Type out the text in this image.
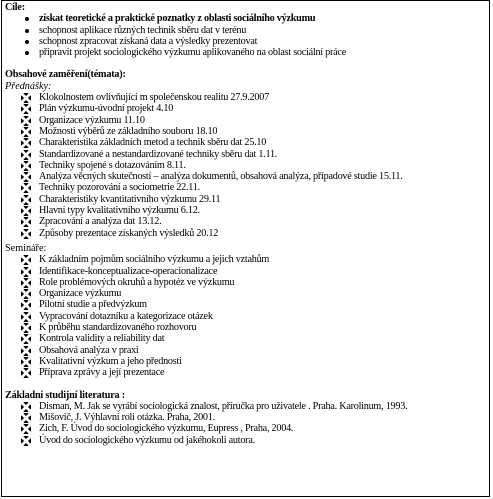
Cíle:
získat teoretické a praktické poznatky z oblasti sociálního výzkumu
schopnost aplikace různých technik sběru dat v terénu
schopnost zpracovat získaná data a výsledky prezentovat
připravit projekt sociologického výzkumu aplikovaného na oblast sociální práce
Obsahové zaměření(témata):
Přednášky:
Klokolnostem ovlivňující m společenskou realitu 27.9.2007
Plán výzkumu-úvodní projekt 4.10
Organizace výzkumu 11.10
Možnosti výběrů ze základního souboru 18.10
Charakteristika základních metod a technik sběru dat 25.10
Standardizované a nestandardizované techniky sběru dat 1.11.
Techniky spojené s dotazováním 8.11.
Analýza věcných skutečností – analýza dokumentů, obsahová analýza, případové studie 15.11.
Techniky pozorování a sociometrie 22.11.
Charakteristiky kvantitativního výzkumu 29.11
Hlavní typy kvalitativního výzkumu 6.12.
Zpracování a analýza dat 13.12.
Způsoby prezentace získaných výsledků 20.12
Semináře:
K základním pojmům sociálního výzkumu a jejich vztahům
Identifikace-konceptualizace-operacionalizace
Role problémových okruhů a hypotéz ve výzkumu
Organizace výzkumu
Pilotní studie a předvýzkum
Vypracování dotazníku a kategorizace otázek
K průběhu standardizovaného rozhovoru
Kontrola validity a reliability dat
Obsahová analýza v praxi
Kvalitativní výzkum a jeho přednosti
Příprava zprávy a její prezentace
Základní studijní literatura :
Disman, M. Jak se vyrábí sociologická znalost, příručka pro uživatele . Praha. Karolinum, 1993.
Mišovič, J. Výhlavní roli otázka. Praha, 2001.
Zich, F. Úvod do sociologického výzkumu, Eupress , Praha, 2004.
Úvod do sociologického výzkumu od jakéhokoli autora.
